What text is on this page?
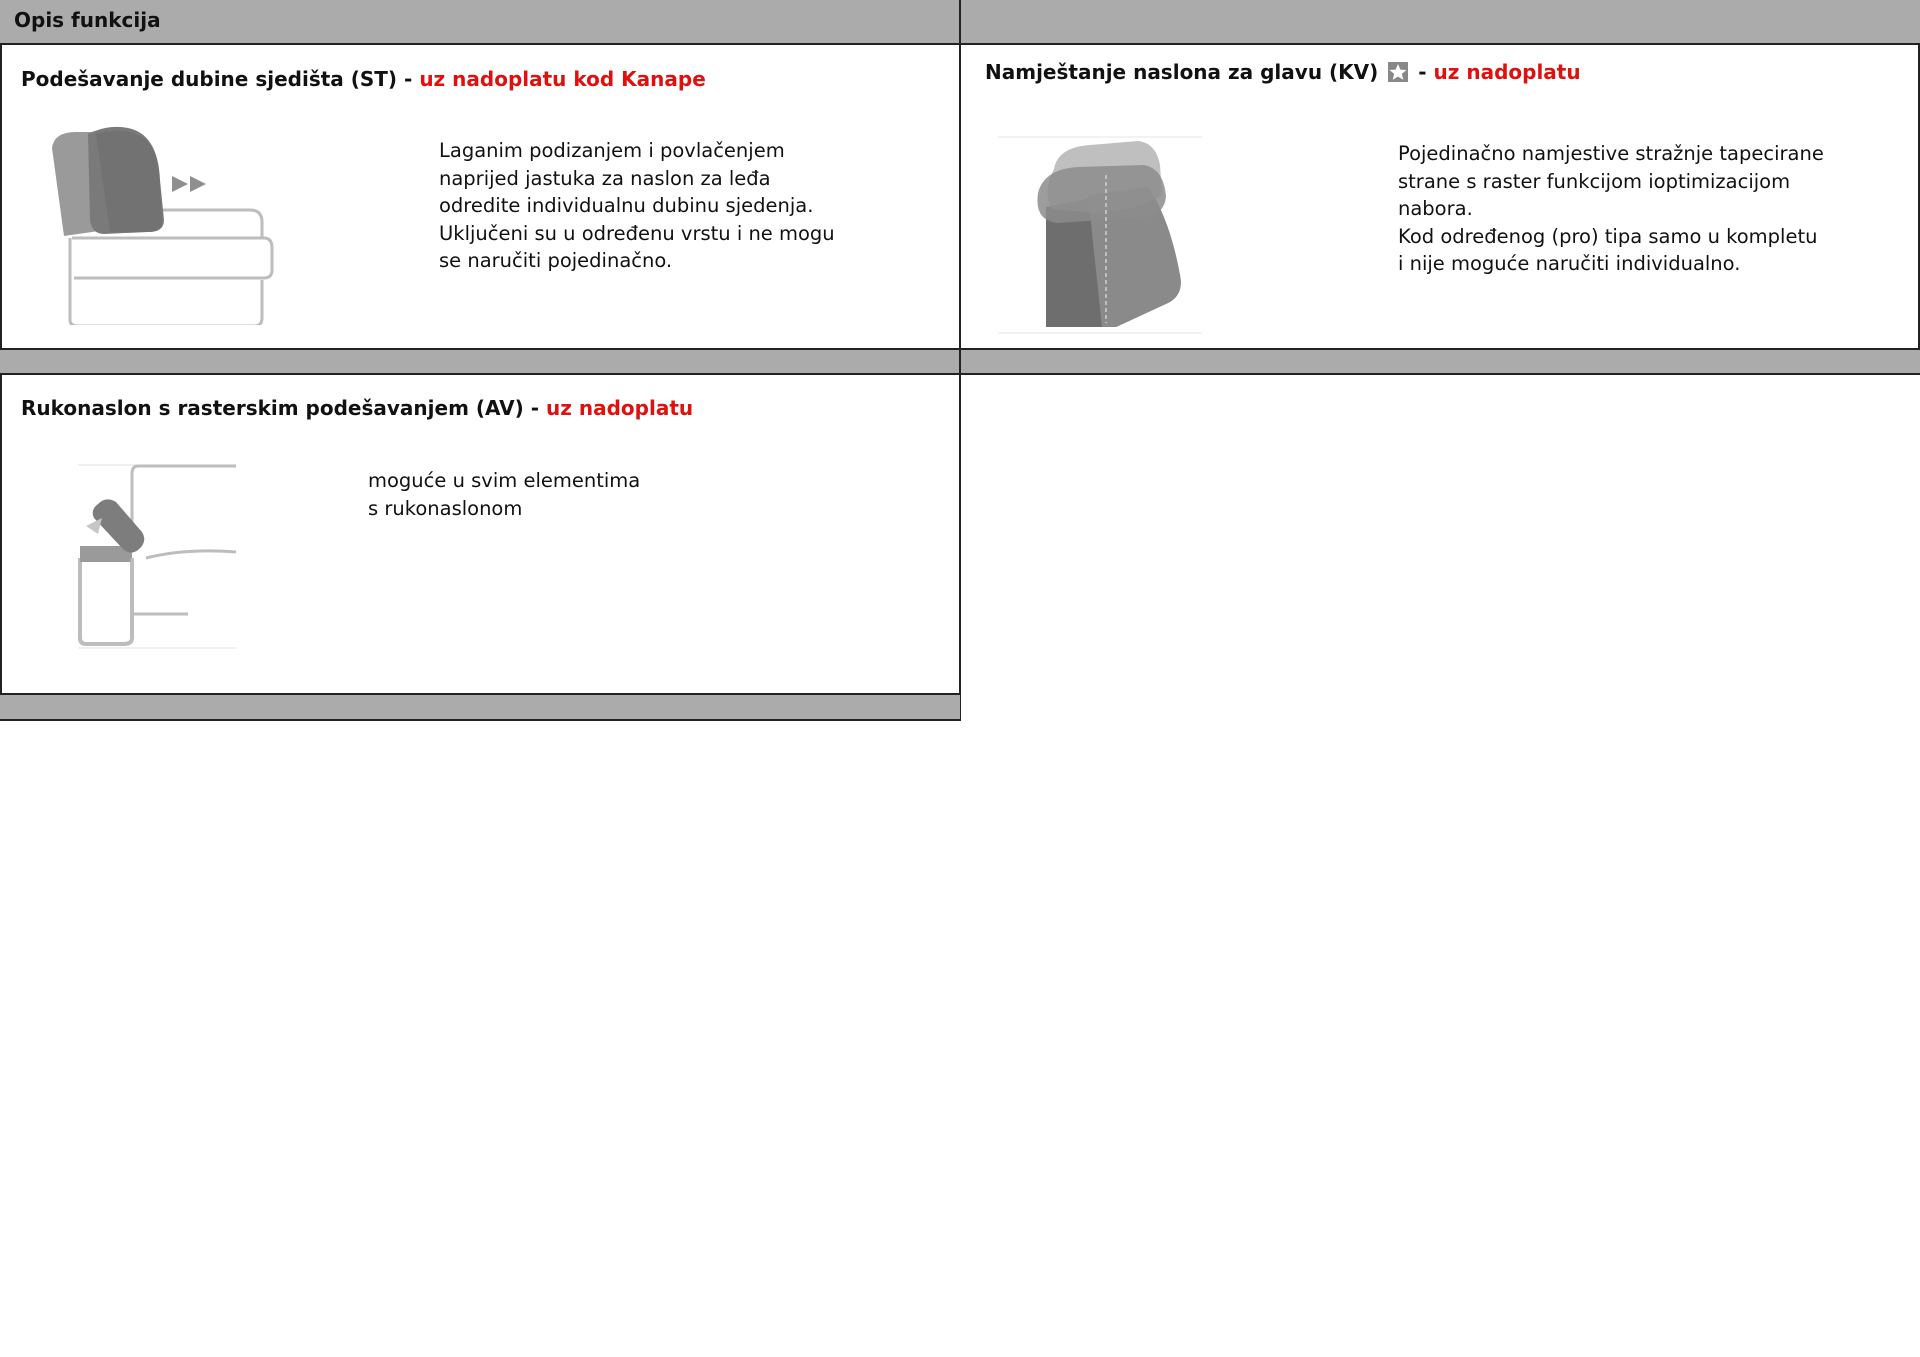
Opis funkcija
Podešavanje dubine sjedišta (ST) - uz nadoplatu kod Kanape
Laganim podizanjem i povlačenjem
naprijed jastuka za naslon za leđa
odredite individualnu dubinu sjedenja.
Uključeni su u određenu vrstu i ne mogu
se naručiti pojedinačno.
Namještanje naslona za glavu (KV) - uz nadoplatu
Pojedinačno namjestive stražnje tapecirane
strane s raster funkcijom ioptimizacijom
nabora.
Kod određenog (pro) tipa samo u kompletu
i nije moguće naručiti individualno.
Rukonaslon s rasterskim podešavanjem (AV) - uz nadoplatu
moguće u svim elementima
s rukonaslonom
